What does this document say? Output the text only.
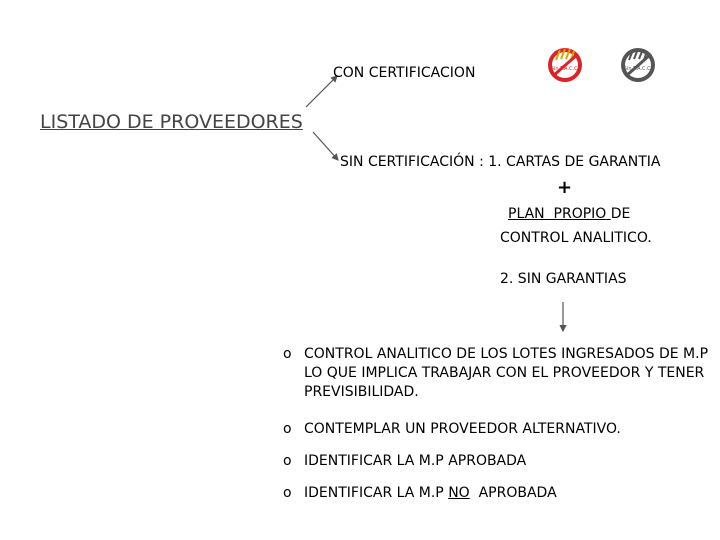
Sin T.A.C.C.	Sin T.A.C.C.
LISTADO DE PROVEEDORES
CON CERTIFICACION
SIN CERTIFICACIÓN : 1. CARTAS DE GARANTIA
+
PLAN PROPIO DE
CONTROL ANALITICO.
2. SIN GARANTIAS
o CONTROL ANALITICO DE LOS LOTES INGRESADOS DE M.P LO QUE IMPLICA TRABAJAR CON EL PROVEEDOR Y TENER PREVISIBILIDAD.
o CONTEMPLAR UN PROVEEDOR ALTERNATIVO.
o IDENTIFICAR LA M.P APROBADA
o IDENTIFICAR LA M.P NO  APROBADA
